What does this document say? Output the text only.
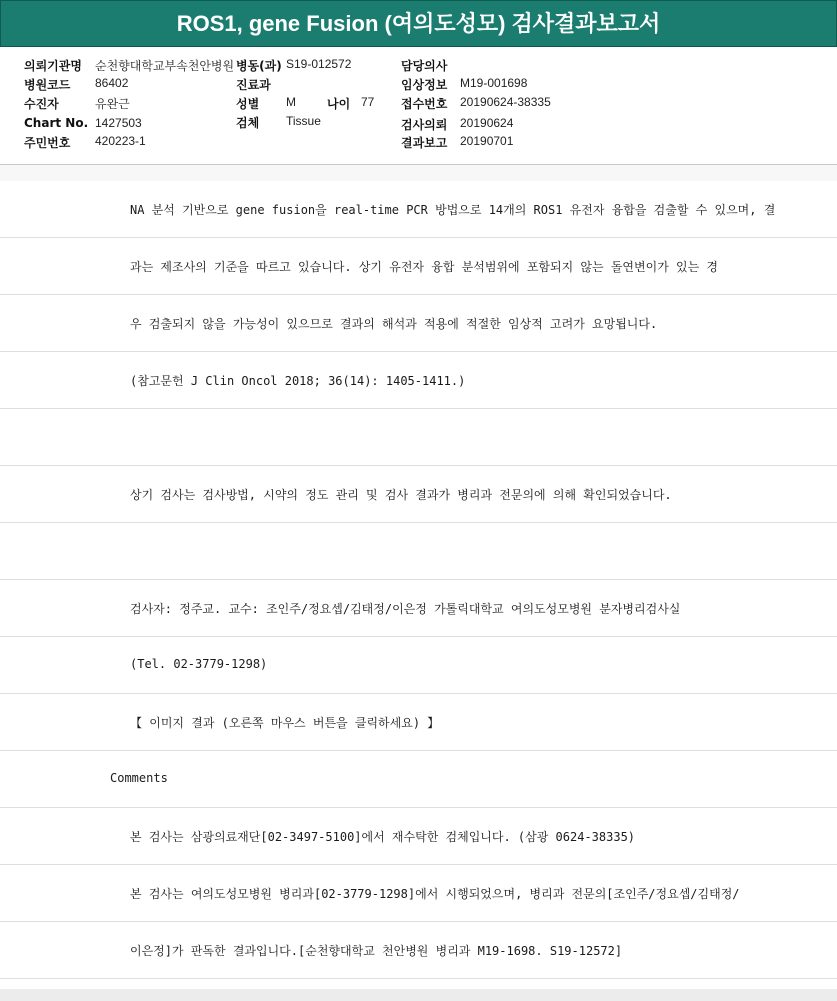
ROS1, gene Fusion (여의도성모) 검사결과보고서
의뢰기관명 순천향대학교부속천안병원 병동(과) S19-012572	담당의사
병원코드 86402	진료과	임상정보 M19-001698
수진자	유완근	성별 M	나이 77 접수번호 20190624-38335
Chart No. 1427503	검체 Tissue	검사의뢰 20190624
주민번호 420223-1	결과보고 20190701
NA 분석 기반으로 gene fusion을 real-time PCR 방법으로 14개의 ROS1 유전자 융합을 검출할 수 있으며, 결
과는 제조사의 기준을 따르고 있습니다. 상기 유전자 융합 분석범위에 포함되지 않는 돌연변이가 있는 경
우 검출되지 않을 가능성이 있으므로 결과의 해석과 적용에 적절한 임상적 고려가 요망됩니다.
(참고문헌 J Clin Oncol 2018; 36(14): 1405-1411.)
상기 검사는 검사방법, 시약의 정도 관리 및 검사 결과가 병리과 전문의에 의해 확인되었습니다.
검사자: 정주교. 교수: 조인주/정요셉/김태정/이은정 가톨릭대학교 여의도성모병원 분자병리검사실
(Tel. 02-3779-1298)
【 이미지 결과 (오른쪽 마우스 버튼을 클릭하세요) 】
Comments
본 검사는 삼광의료재단[02-3497-5100]에서 재수탁한 검체입니다. (삼광 0624-38335)
본 검사는 여의도성모병원 병리과[02-3779-1298]에서 시행되었으며, 병리과 전문의[조인주/정요셉/김태정/
이은정]가 판독한 결과입니다.[순천향대학교 천안병원 병리과 M19-1698. S19-12572]
